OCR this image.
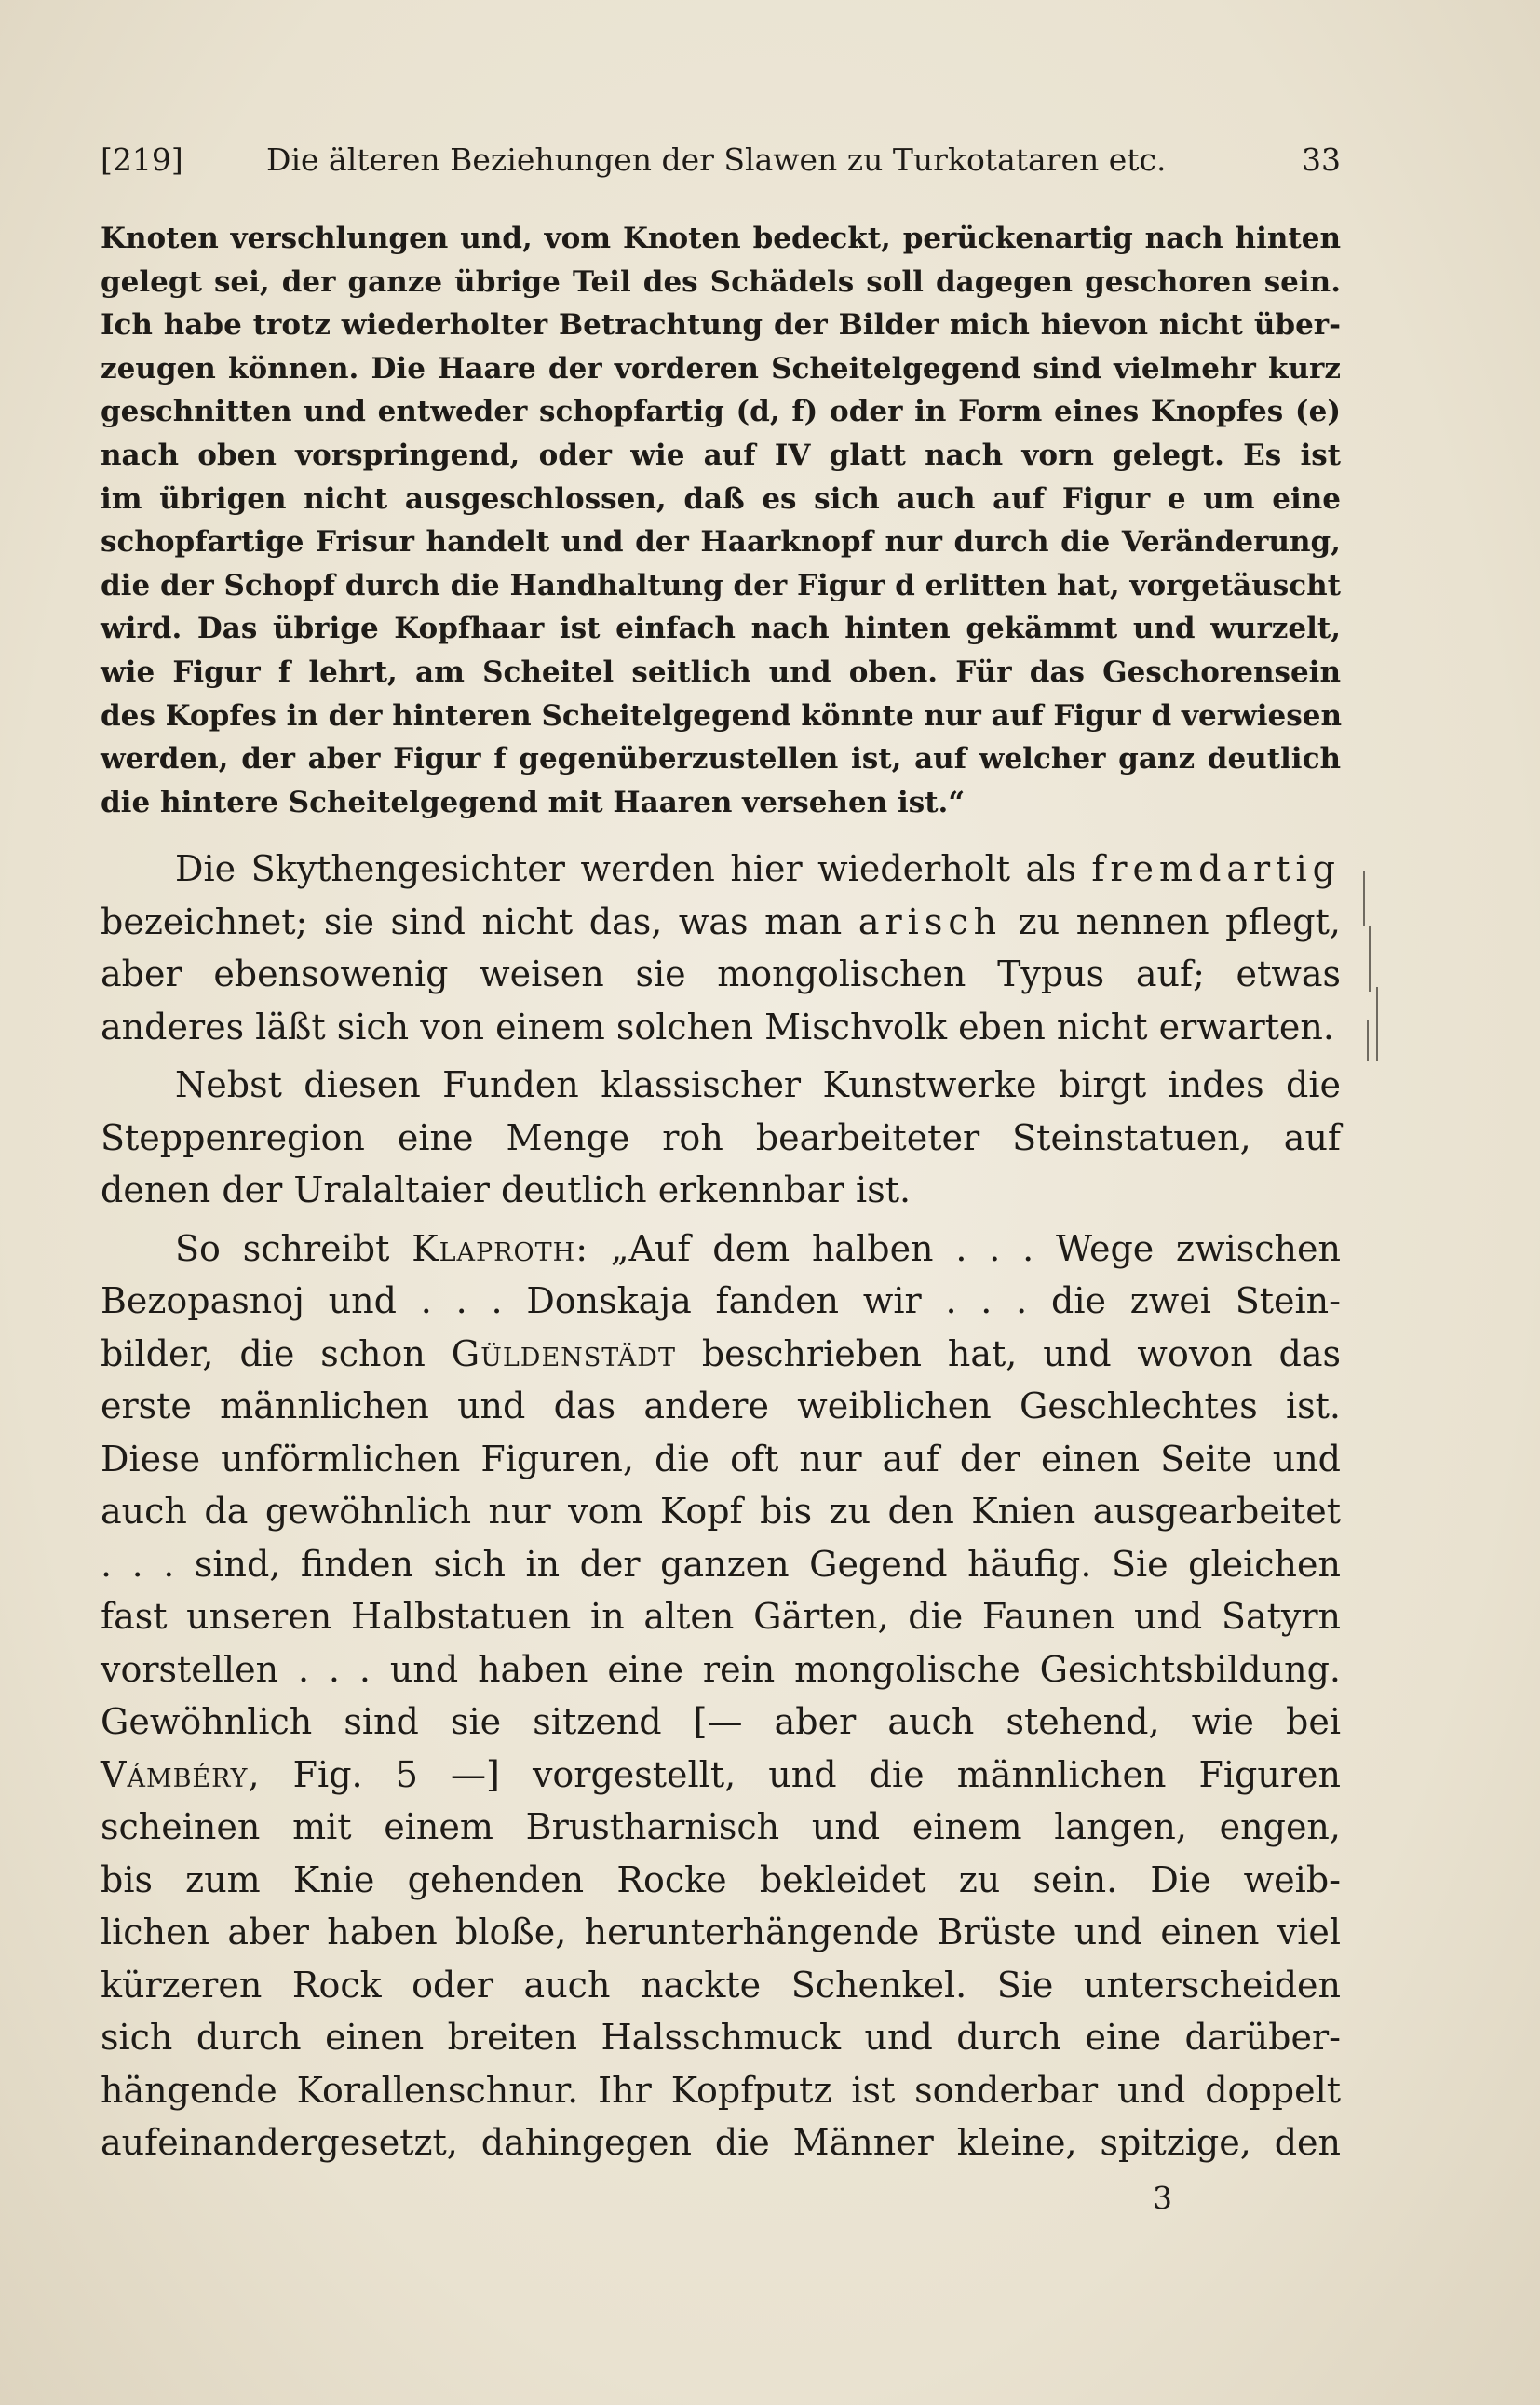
[219]	Die älteren Beziehungen der Slawen zu Turkotataren etc.	33
Knoten verschlungen und, vom Knoten bedeckt, perückenartig nach hinten
gelegt sei, der ganze übrige Teil des Schädels soll dagegen geschoren sein.
Ich habe trotz wiederholter Betrachtung der Bilder mich hievon nicht über-
zeugen können. Die Haare der vorderen Scheitelgegend sind vielmehr kurz
geschnitten und entweder schopfartig (d, f) oder in Form eines Knopfes (e)
nach oben vorspringend, oder wie auf IV glatt nach vorn gelegt. Es ist
im übrigen nicht ausgeschlossen, daß es sich auch auf Figur e um eine
schopfartige Frisur handelt und der Haarknopf nur durch die Veränderung,
die der Schopf durch die Handhaltung der Figur d erlitten hat, vorgetäuscht
wird. Das übrige Kopfhaar ist einfach nach hinten gekämmt und wurzelt,
wie Figur f lehrt, am Scheitel seitlich und oben. Für das Geschorensein
des Kopfes in der hinteren Scheitelgegend könnte nur auf Figur d verwiesen
werden, der aber Figur f gegenüberzustellen ist, auf welcher ganz deutlich
die hintere Scheitelgegend mit Haaren versehen ist.“
Die Skythengesichter werden hier wiederholt als fremdartig
bezeichnet; sie sind nicht das, was man arisch zu nennen pflegt,
aber ebensowenig weisen sie mongolischen Typus auf; etwas
anderes läßt sich von einem solchen Mischvolk eben nicht erwarten.
Nebst diesen Funden klassischer Kunstwerke birgt indes die
Steppenregion eine Menge roh bearbeiteter Steinstatuen, auf
denen der Uralaltaier deutlich erkennbar ist.
So schreibt Klaproth: „Auf dem halben . . . Wege zwischen
Bezopasnoj und . . . Donskaja fanden wir . . . die zwei Stein-
bilder, die schon Güldenstädt beschrieben hat, und wovon das
erste männlichen und das andere weiblichen Geschlechtes ist.
Diese unförmlichen Figuren, die oft nur auf der einen Seite und
auch da gewöhnlich nur vom Kopf bis zu den Knien ausgearbeitet
. . . sind, finden sich in der ganzen Gegend häufig. Sie gleichen
fast unseren Halbstatuen in alten Gärten, die Faunen und Satyrn
vorstellen . . . und haben eine rein mongolische Gesichtsbildung.
Gewöhnlich sind sie sitzend [— aber auch stehend, wie bei
Vámbéry, Fig. 5 —] vorgestellt, und die männlichen Figuren
scheinen mit einem Brustharnisch und einem langen, engen,
bis zum Knie gehenden Rocke bekleidet zu sein. Die weib-
lichen aber haben bloße, herunterhängende Brüste und einen viel
kürzeren Rock oder auch nackte Schenkel. Sie unterscheiden
sich durch einen breiten Halsschmuck und durch eine darüber-
hängende Korallenschnur. Ihr Kopfputz ist sonderbar und doppelt
aufeinandergesetzt, dahingegen die Männer kleine, spitzige, den
3
